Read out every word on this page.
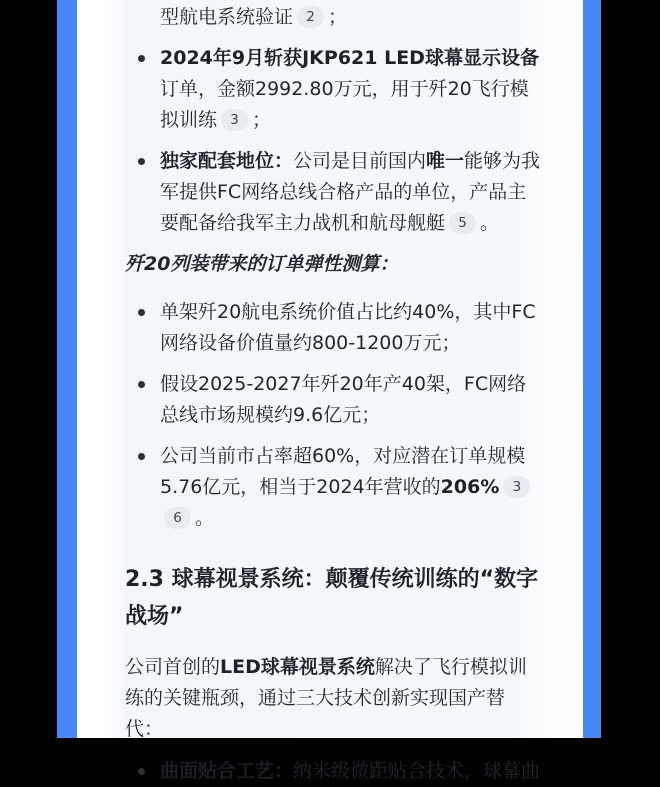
型航电系统验证 2 ；
2024年9月斩获JKP621 LED球幕显示设备订单，金额2992.80万元，用于歼20飞行模拟训练 3 ；
独家配套地位：公司是目前国内唯一能够为我军提供FC网络总线合格产品的单位，产品主要配备给我军主力战机和航母舰艇 5 。
歼20列装带来的订单弹性测算：
单架歼20航电系统价值占比约40%，其中FC网络设备价值量约800-1200万元；
假设2025-2027年歼20年产40架，FC网络总线市场规模约9.6亿元；
公司当前市占率超60%，对应潜在订单规模5.76亿元，相当于2024年营收的206% 36 。
2.3 球幕视景系统：颠覆传统训练的“数字战场”
公司首创的LED球幕视景系统解决了飞行模拟训练的关键瓶颈，通过三大技术创新实现国产替代：
曲面贴合工艺：纳米级微距贴合技术，球幕曲
